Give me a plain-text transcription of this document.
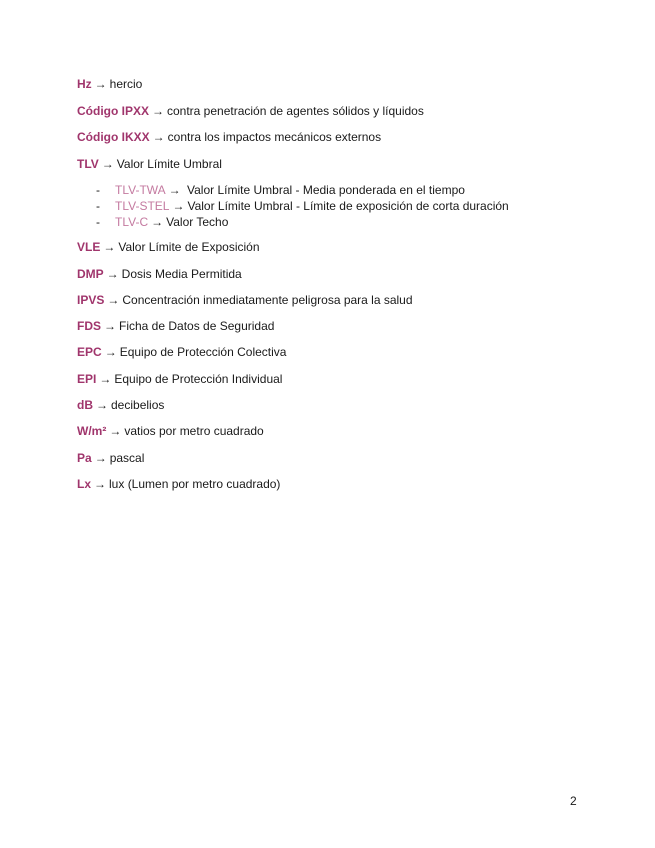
Hz → hercio
Código IPXX → contra penetración de agentes sólidos y líquidos
Código IKXX → contra los impactos mecánicos externos
TLV → Valor Límite Umbral
- TLV-TWA → Valor Límite Umbral - Media ponderada en el tiempo
- TLV-STEL → Valor Límite Umbral - Límite de exposición de corta duración
- TLV-C → Valor Techo
VLE → Valor Límite de Exposición
DMP → Dosis Media Permitida
IPVS → Concentración inmediatamente peligrosa para la salud
FDS → Ficha de Datos de Seguridad
EPC → Equipo de Protección Colectiva
EPI → Equipo de Protección Individual
dB → decibelios
W/m² → vatios por metro cuadrado
Pa → pascal
Lx → lux (Lumen por metro cuadrado)
2
